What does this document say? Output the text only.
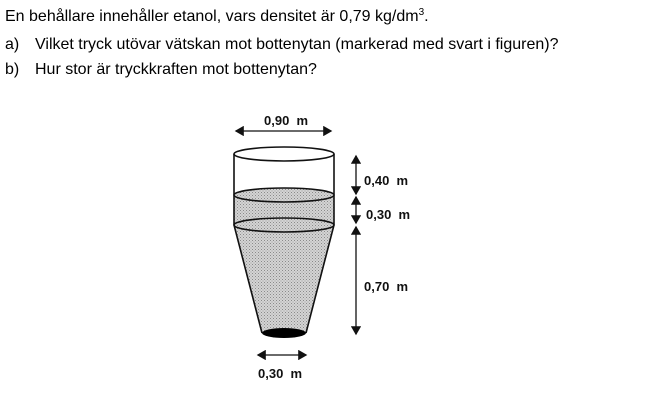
En behållare innehåller etanol, vars densitet är 0,79 $kg/dm^3$.
a) Vilket tryck utövar vätskan mot bottenytan (markerad med svart i figuren)?
b) Hur stor är tryckkraften mot bottenytan?
0,90  m
0,40  m
0,30  m
0,70  m
0,30  m
